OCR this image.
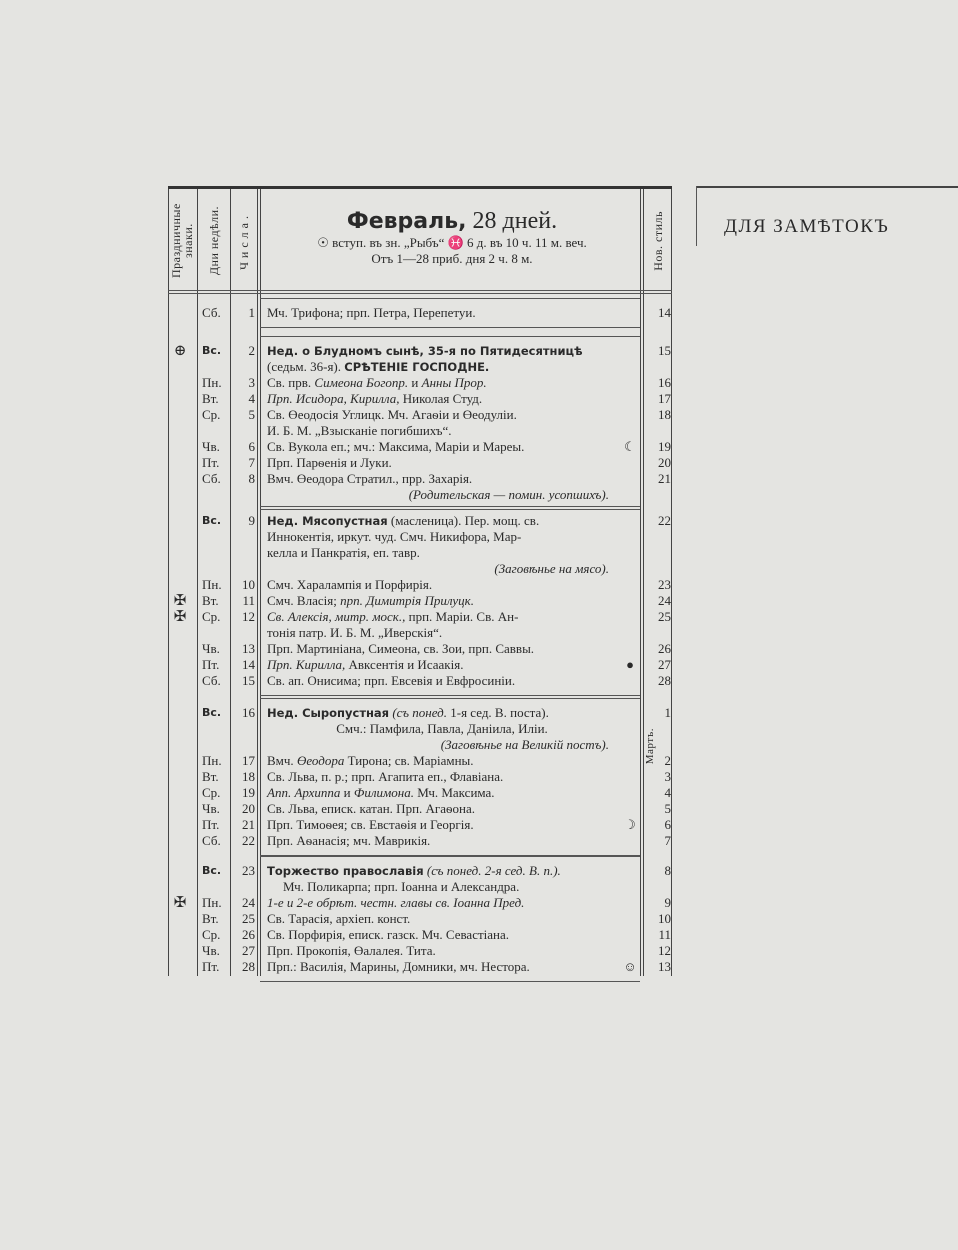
Праздничные знаки. Дни недѣли. Числа.	Февраль, 28 дней.
☉ вступ. въ зн. „Рыбъ“ ♓ 6 д. въ 10 ч. 11 м. веч.
Отъ 1—28 приб. дня 2 ч. 8 м.	Нов. стиль
Сб.	1	14
Мч. Трифона; прп. Петра, Перепетуи.
⊕	Вс.	2	15
Нед. о Блудномъ сынѣ, 35-я по Пятидесятницѣ
(седьм. 36-я). СРѢТЕНІЕ ГОСПОДНЕ.
Пн.	3	16
Св. прв. Симеона Богопр. и Анны Прор.
Вт.	4	17
Прп. Исидора, Кирилла, Николая Студ.
Ср.	5	18
Св. Өеодосія Углицк. Мч. Агаѳіи и Өеодуліи.
И. Б. М. „Взысканіе погибшихъ“.
Чв.	6	☾ 19
Св. Вукола еп.; мч.: Максима, Маріи и Мареы.
Пт.	7	20
Прп. Парѳенія и Луки.
Сб.	8	21
Вмч. Өеодора Стратил., прр. Захарія.
(Родительская — помин. усопшихъ).
Вс.	9	22
Нед. Мясопустная (масленица). Пер. мощ. св.
Иннокентія, иркут. чуд. Смч. Никифора, Мар-
келла и Панкратія, еп. тавр.
(Заговѣнье на мясо).
Пн.	10	23
Смч. Харалампія и Порфирія.
✠	Вт.	11	24
Смч. Власія; прп. Димитрія Прилуцк.
✠	Ср.	12	25
Св. Алексія, митр. моск., прп. Маріи. Св. Ан-
тонія патр. И. Б. М. „Иверскія“.
Чв.	13	26
Прп. Мартиніана, Симеона, св. Зои, прп. Саввы.
Пт.	14	●	27
Прп. Кирилла, Авксентія и Исаакія.
Сб.	15	28
Св. ап. Онисима; прп. Евсевія и Евфросиніи.
Вс.	16	1
Нед. Сыропустная (съ понед. 1-я сед. В. поста).
Смч.: Памфила, Павла, Даніила, Иліи.
(Заговѣнье на Великій постъ).
Пн.	17	2
Вмч. Өеодора Тирона; св. Маріамны.
Вт.	18	3
Св. Льва, п. р.; прп. Агапита еп., Флавіана.
Ср.	19	4
Апп. Архиппа и Филимона. Мч. Максима.
Чв.	20	5
Св. Льва, еписк. катан. Прп. Агаѳона.
Пт.	21	☽	6
Прп. Тимоѳея; св. Евстаѳія и Георгія.
Сб.	22	7
Прп. Аѳанасія; мч. Маврикія.
Вс.	23	8
Торжество православія (съ понед. 2-я сед. В. п.).
Мч. Поликарпа; прп. Іоанна и Александра.
✠	Пн.	24	9
1-е и 2-е обрѣт. честн. главы св. Іоанна Пред.
Вт.	25	10
Св. Тарасія, архіеп. конст.
Ср.	26	11
Св. Порфирія, еписк. газск. Мч. Севастіана.
Чв.	27	12
Прп. Прокопія, Өалалея. Тита.
Пт.	28	☺ 13
Прп.: Василія, Марины, Домники, мч. Нестора.
Мартъ.
ДЛЯ ЗАМѢТОКЪ
